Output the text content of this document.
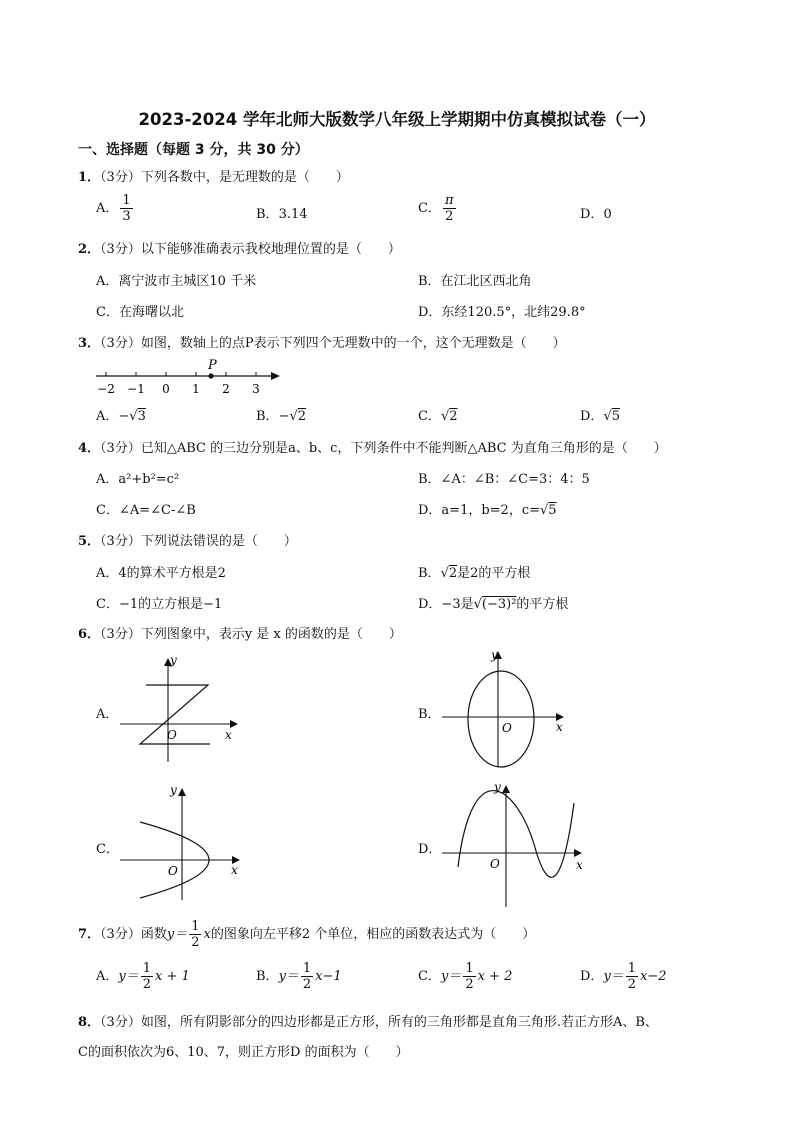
2023-2024 学年北师大版数学八年级上学期期中仿真模拟试卷（一）
一、选择题（每题 3 分，共 30 分）
1．（3分）下列各数中，是无理数的是（　　）
A． $\frac{1}{3}$	B．3.14	C． $\frac{\pi}{2}$	D．0
2．（3分）以下能够准确表示我校地理位置的是（　　）
A．离宁波市主城区10 千米	B．在江北区西北角
C．在海曙以北	D．东经120.5°，北纬29.8°
3．（3分）如图，数轴上的点P表示下列四个无理数中的一个，这个无理数是（　　）
−2 −1 0 1 2 3
P
A．−√3	B．−√2	C．√2	D．√5
4．（3分）已知△ABC 的三边分别是a、b、c，下列条件中不能判断△ABC 为直角三角形的是（　　）
A．a²+b²=c²	B．∠A：∠B：∠C=3：4：5
C．∠A=∠C-∠B	D．a=1，b=2，c=√5
5．（3分）下列说法错误的是（　　）
A．4的算术平方根是2	B．√2是2的平方根
C．−1的立方根是−1	D．−3是√(−3)²的平方根
6．（3分）下列图象中，表示y 是 x 的函数的是（　　）
A．
x
y
O
B．
x
y
O
C．
x
y
O
D．
x
y
O
7．（3分）函数$y= \frac{1}{2}$ x的图象向左平移2 个单位，相应的函数表达式为（　　）
A．$y= \frac{1}{2}$ x + 1	B．$y= \frac{1}{2} x-1$	C．$y= \frac{1}{2}$ x + 2	D．$y= \frac{1}{2} x-2$
8．（3分）如图，所有阴影部分的四边形都是正方形，所有的三角形都是直角三角形.若正方形A、B、
C的面积依次为6、10、7，则正方形D 的面积为（　　）
